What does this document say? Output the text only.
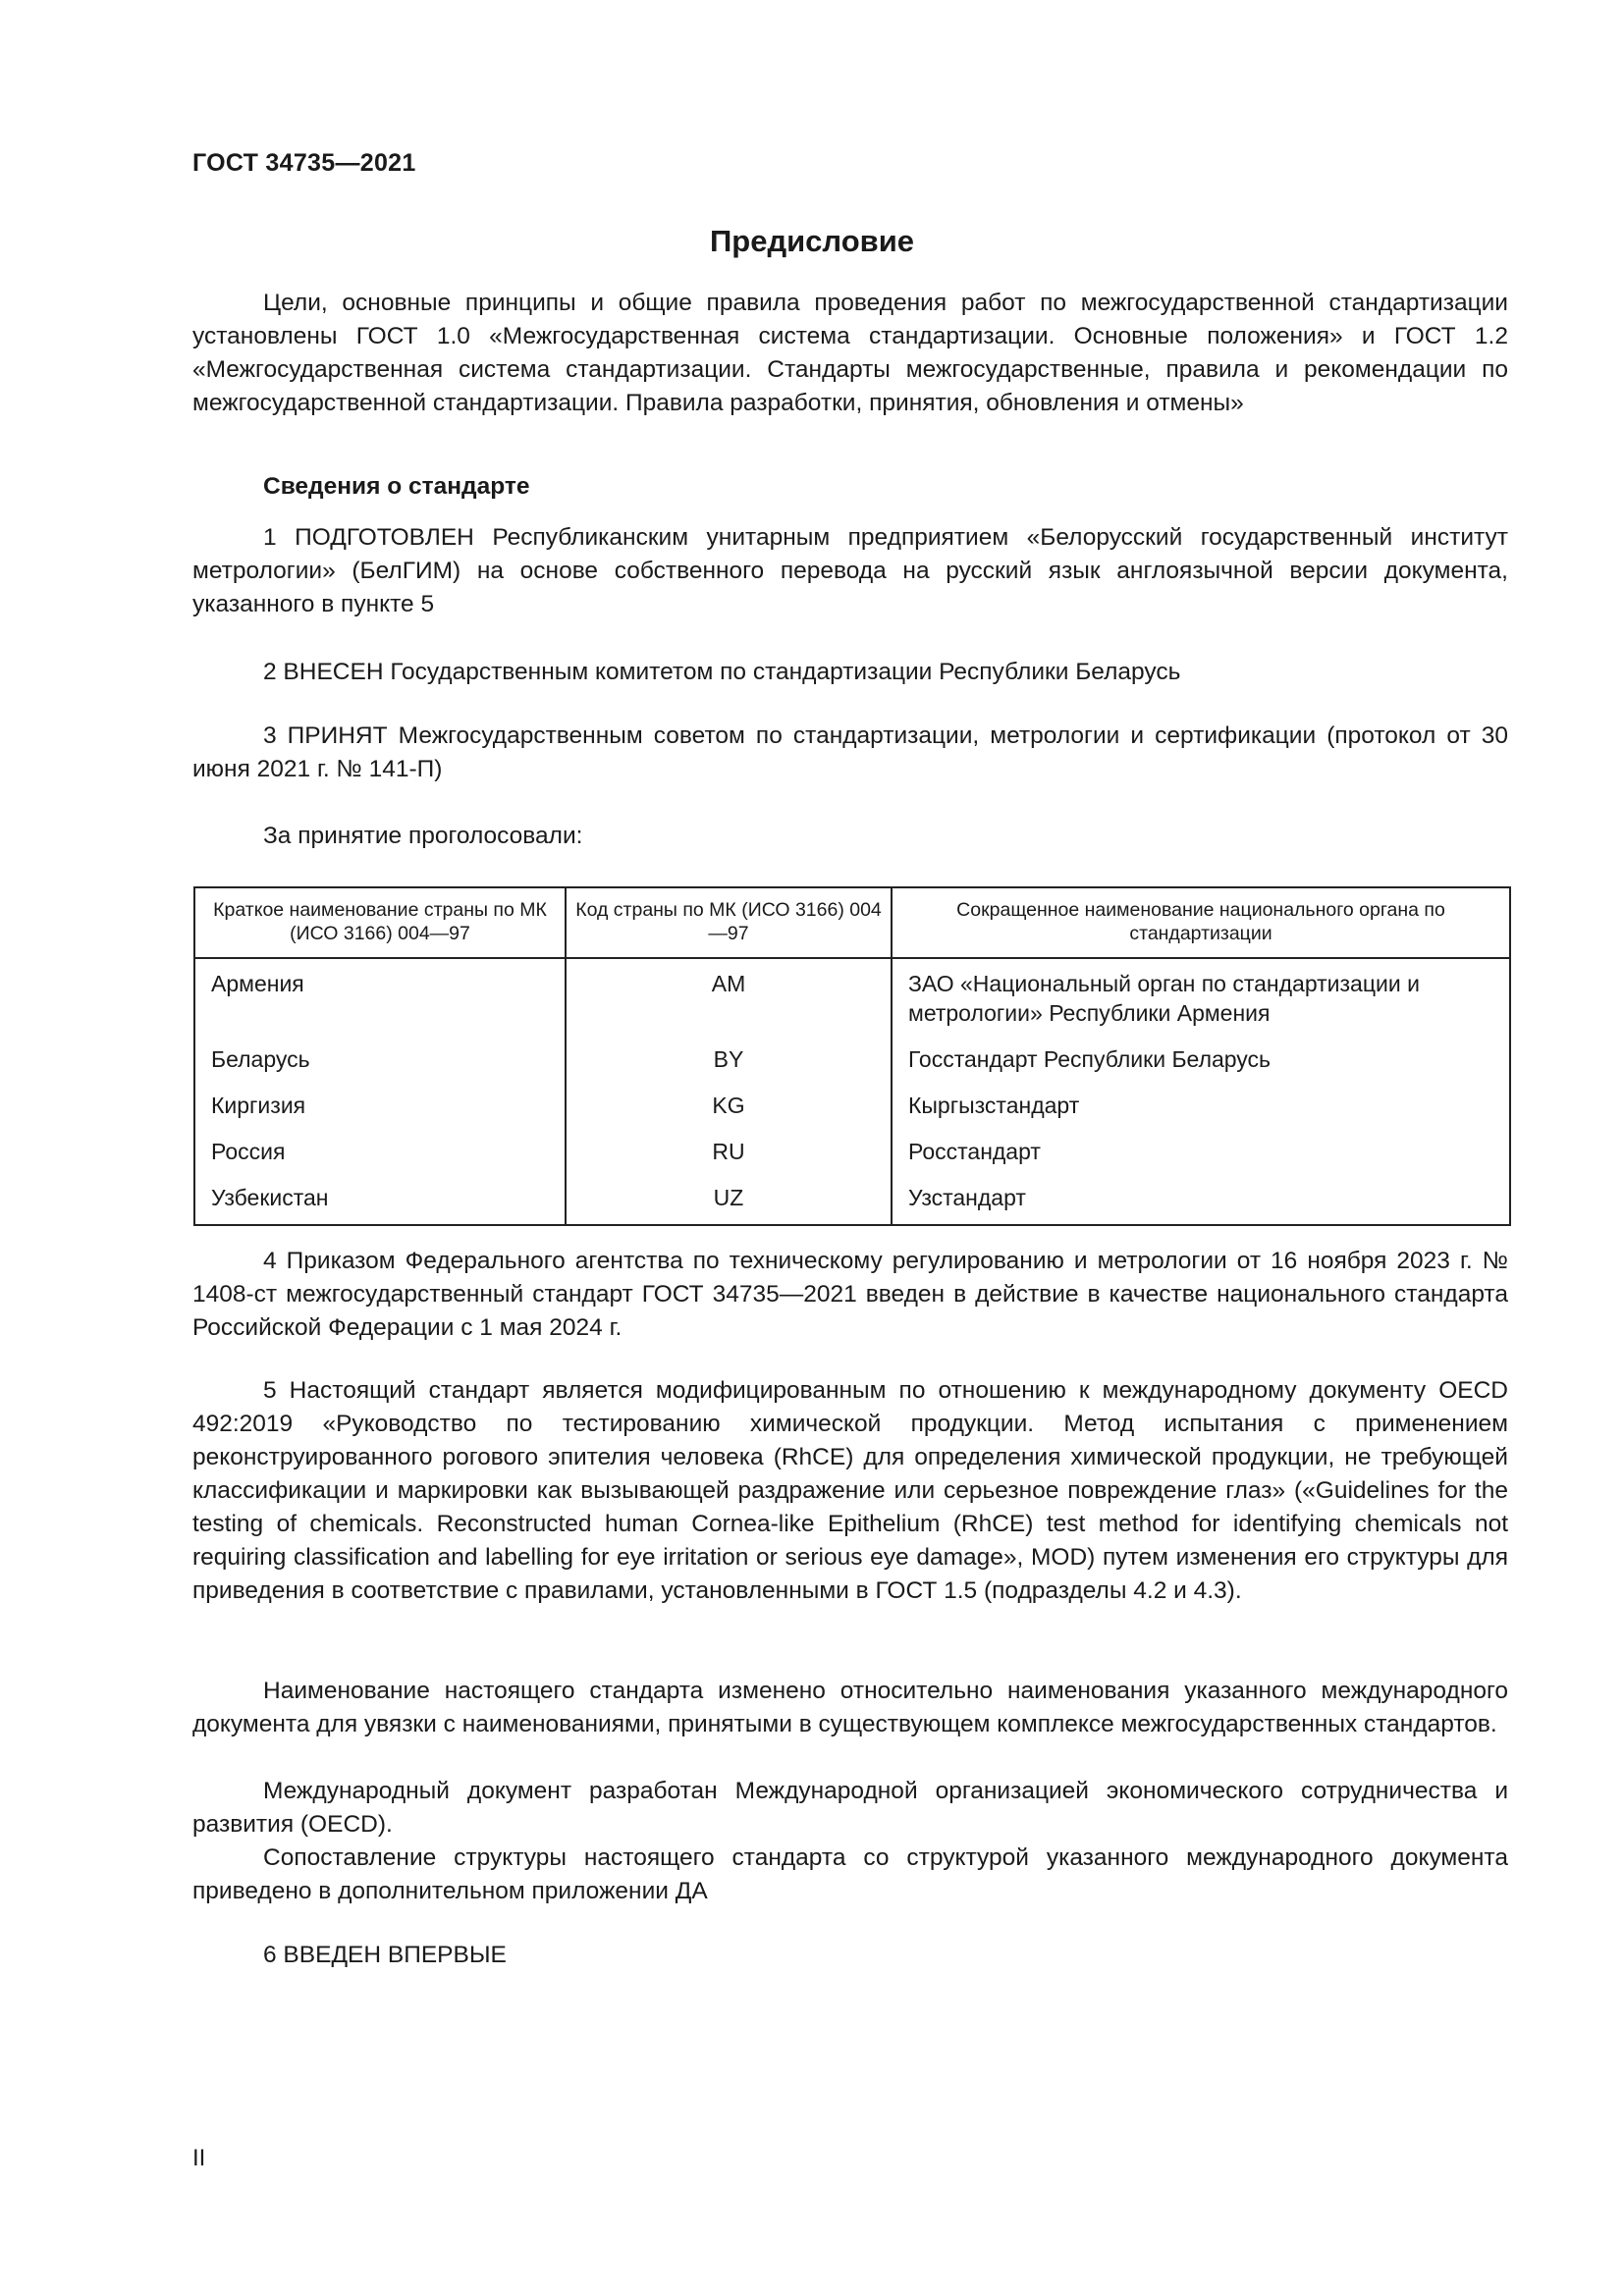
ГОСТ 34735—2021
Предисловие
Цели, основные принципы и общие правила проведения работ по межгосударственной стандартизации установлены ГОСТ 1.0 «Межгосударственная система стандартизации. Основные положения» и ГОСТ 1.2 «Межгосударственная система стандартизации. Стандарты межгосударственные, правила и рекомендации по межгосударственной стандартизации. Правила разработки, принятия, обновления и отмены»
Сведения о стандарте
1 ПОДГОТОВЛЕН Республиканским унитарным предприятием «Белорусский государственный институт метрологии» (БелГИМ) на основе собственного перевода на русский язык англоязычной версии документа, указанного в пункте 5
2 ВНЕСЕН Государственным комитетом по стандартизации Республики Беларусь
3 ПРИНЯТ Межгосударственным советом по стандартизации, метрологии и сертификации (протокол от 30 июня 2021 г. № 141-П)
За принятие проголосовали:
Краткое наименование страны по МК (ИСО 3166) 004—97	Код страны по МК (ИСО 3166) 004—97	Сокращенное наименование национального органа по стандартизации
Армения	AM	ЗАО «Национальный орган по стандартизации и метрологии» Республики Армения
Беларусь	BY	Госстандарт Республики Беларусь
Киргизия	KG	Кыргызстандарт
Россия	RU	Росстандарт
Узбекистан	UZ	Узстандарт
4 Приказом Федерального агентства по техническому регулированию и метрологии от 16 ноября 2023 г. № 1408-ст межгосударственный стандарт ГОСТ 34735—2021 введен в действие в качестве национального стандарта Российской Федерации с 1 мая 2024 г.
5 Настоящий стандарт является модифицированным по отношению к международному документу OECD 492:2019 «Руководство по тестированию химической продукции. Метод испытания с применением реконструированного рогового эпителия человека (RhCE) для определения химической продукции, не требующей классификации и маркировки как вызывающей раздражение или серьезное повреждение глаз» («Guidelines for the testing of chemicals. Reconstructed human Cornea-like Epithelium (RhCE) test method for identifying chemicals not requiring classification and labelling for eye irritation or serious eye damage», MOD) путем изменения его структуры для приведения в соответствие с правилами, установленными в ГОСТ 1.5 (подразделы 4.2 и 4.3).
Наименование настоящего стандарта изменено относительно наименования указанного международного документа для увязки с наименованиями, принятыми в существующем комплексе межгосударственных стандартов.
Международный документ разработан Международной организацией экономического сотрудничества и развития (OECD).
Сопоставление структуры настоящего стандарта со структурой указанного международного документа приведено в дополнительном приложении ДА
6 ВВЕДЕН ВПЕРВЫЕ
II
